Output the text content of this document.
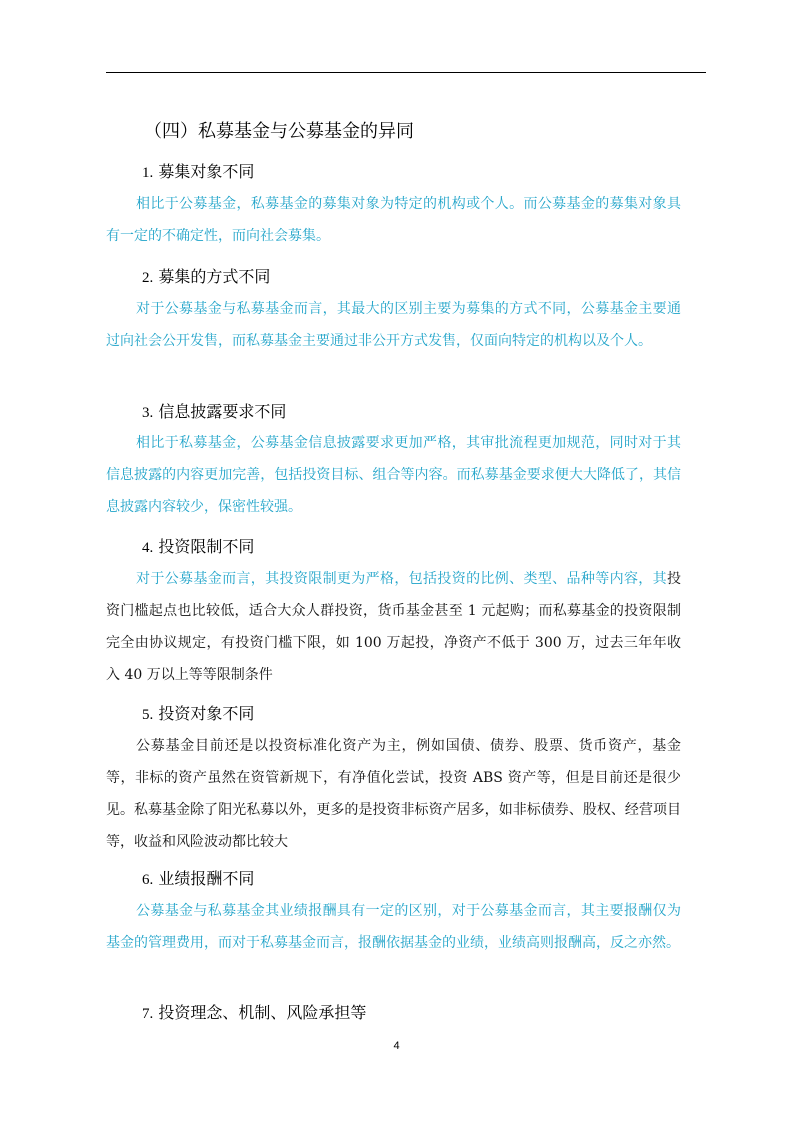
（四）私募基金与公募基金的异同
1. 募集对象不同

相比于公募基金，私募基金的募集对象为特定的机构或个人。而公募基金的募集对象具有一定的不确定性，而向社会募集。

2. 募集的方式不同

对于公募基金与私募基金而言，其最大的区别主要为募集的方式不同，公募基金主要通过向社会公开发售，而私募基金主要通过非公开方式发售，仅面向特定的机构以及个人。

3. 信息披露要求不同

相比于私募基金，公募基金信息披露要求更加严格，其审批流程更加规范，同时对于其信息披露的内容更加完善，包括投资目标、组合等内容。而私募基金要求便大大降低了，其信息披露内容较少，保密性较强。

4. 投资限制不同

对于公募基金而言，其投资限制更为严格，包括投资的比例、类型、品种等内容，其投资门槛起点也比较低，适合大众人群投资，货币基金甚至 1 元起购；而私募基金的投资限制完全由协议规定，有投资门槛下限，如 100 万起投，净资产不低于 300 万，过去三年年收入 40 万以上等等限制条件

5. 投资对象不同

公募基金目前还是以投资标准化资产为主，例如国债、债券、股票、货币资产，基金等，非标的资产虽然在资管新规下，有净值化尝试，投资 ABS 资产等，但是目前还是很少见。私募基金除了阳光私募以外，更多的是投资非标资产居多，如非标债券、股权、经营项目等，收益和风险波动都比较大

6. 业绩报酬不同

公募基金与私募基金其业绩报酬具有一定的区别，对于公募基金而言，其主要报酬仅为基金的管理费用，而对于私募基金而言，报酬依据基金的业绩，业绩高则报酬高，反之亦然。

7. 投资理念、机制、风险承担等
4
